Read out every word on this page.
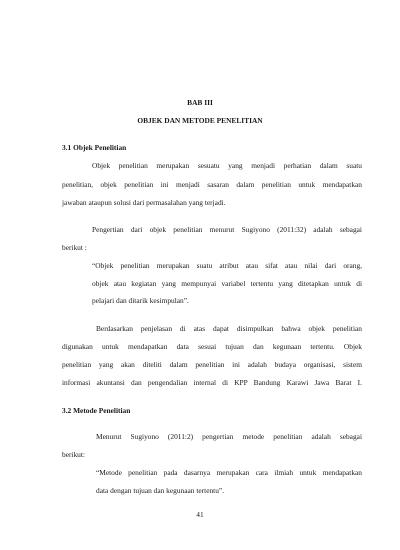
BAB III
OBJEK DAN METODE PENELITIAN
3.1 Objek Penelitian
Objek penelitian merupakan sesuatu yang menjadi perhatian dalam suatu
penelitian, objek penelitian ini menjadi sasaran dalam penelitian untuk mendapatkan
jawaban ataupun solusi dari permasalahan yang terjadi.
Pengertian dari objek penelitian menurut Sugiyono (2011:32) adalah sebagai
berikut :
“Objek penelitian merupakan suatu atribut atau sifat atau nilai dari orang,
objek atau kegiatan yang mempunyai variabel tertentu yang ditetapkan untuk di
pelajari dan ditarik kesimpulan”.
Berdasarkan penjelasan di atas dapat disimpulkan bahwa objek penelitian
digunakan untuk mendapatkan data sesuai tujuan dan kegunaan tertentu. Objek
penelitian yang akan diteliti dalam penelitian ini adalah budaya organisasi, sistem
informasi akuntansi dan pengendalian internal di KPP Bandung Karawi Jawa Barat I.
3.2 Metode Penelitian
Menurut Sugiyono (2011:2) pengertian metode penelitian adalah sebagai
berikut:
“Metode penelitian pada dasarnya merupakan cara ilmiah untuk mendapatkan
data dengan tujuan dan kegunaan tertentu”.
41
